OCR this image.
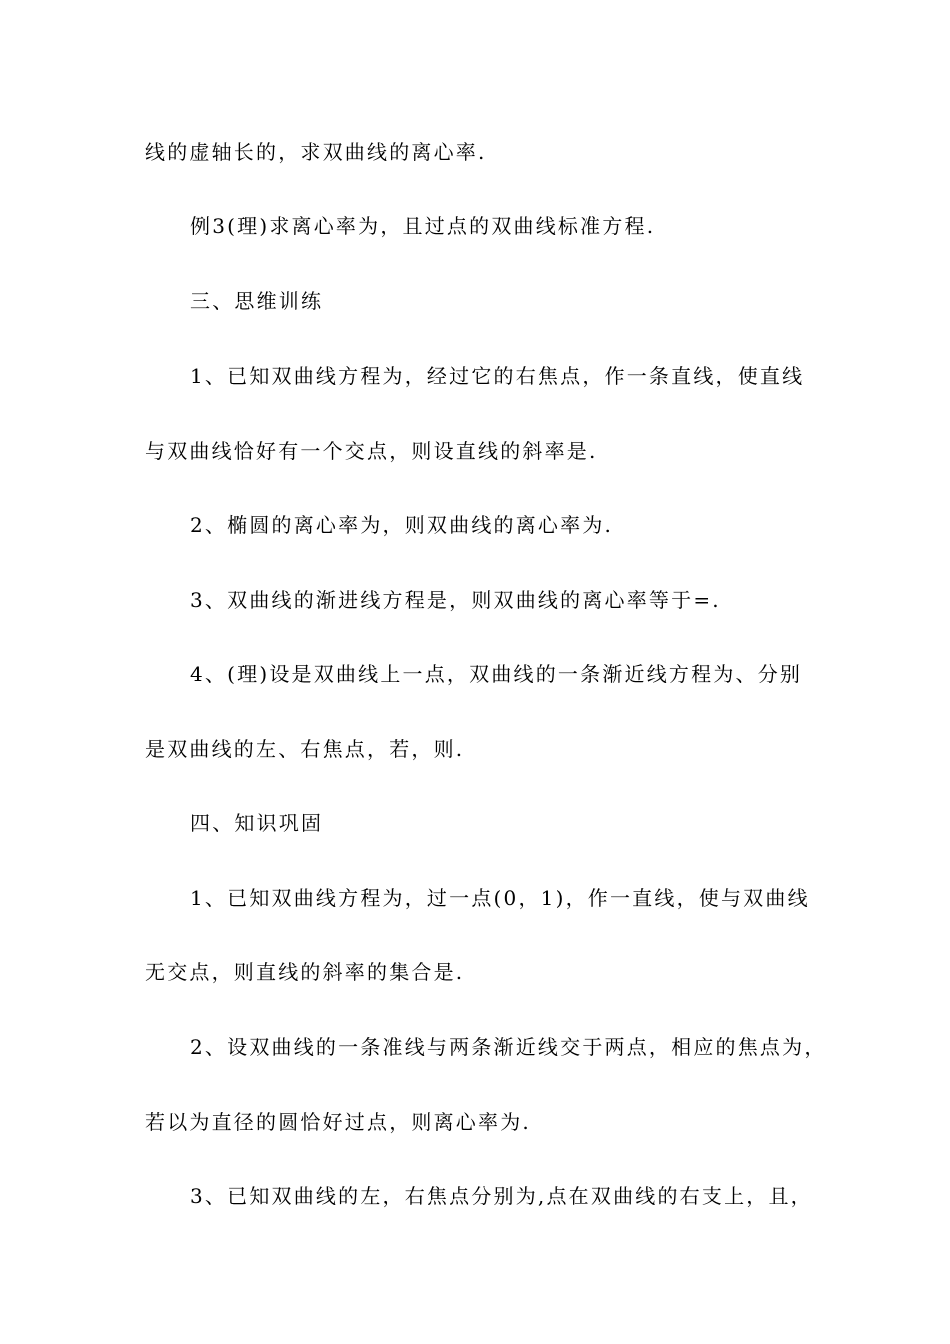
线的虚轴长的，求双曲线的离心率.
例3(理)求离心率为，且过点的双曲线标准方程.
三、思维训练
1、已知双曲线方程为，经过它的右焦点，作一条直线，使直线
与双曲线恰好有一个交点，则设直线的斜率是.
2、椭圆的离心率为，则双曲线的离心率为.
3、双曲线的渐进线方程是，则双曲线的离心率等于=.
4、(理)设是双曲线上一点，双曲线的一条渐近线方程为、分别
是双曲线的左、右焦点，若，则.
四、知识巩固
1、已知双曲线方程为，过一点(0，1)，作一直线，使与双曲线
无交点，则直线的斜率的集合是.
2、设双曲线的一条准线与两条渐近线交于两点，相应的焦点为，
若以为直径的圆恰好过点，则离心率为.
3、已知双曲线的左，右焦点分别为,点在双曲线的右支上，且，
